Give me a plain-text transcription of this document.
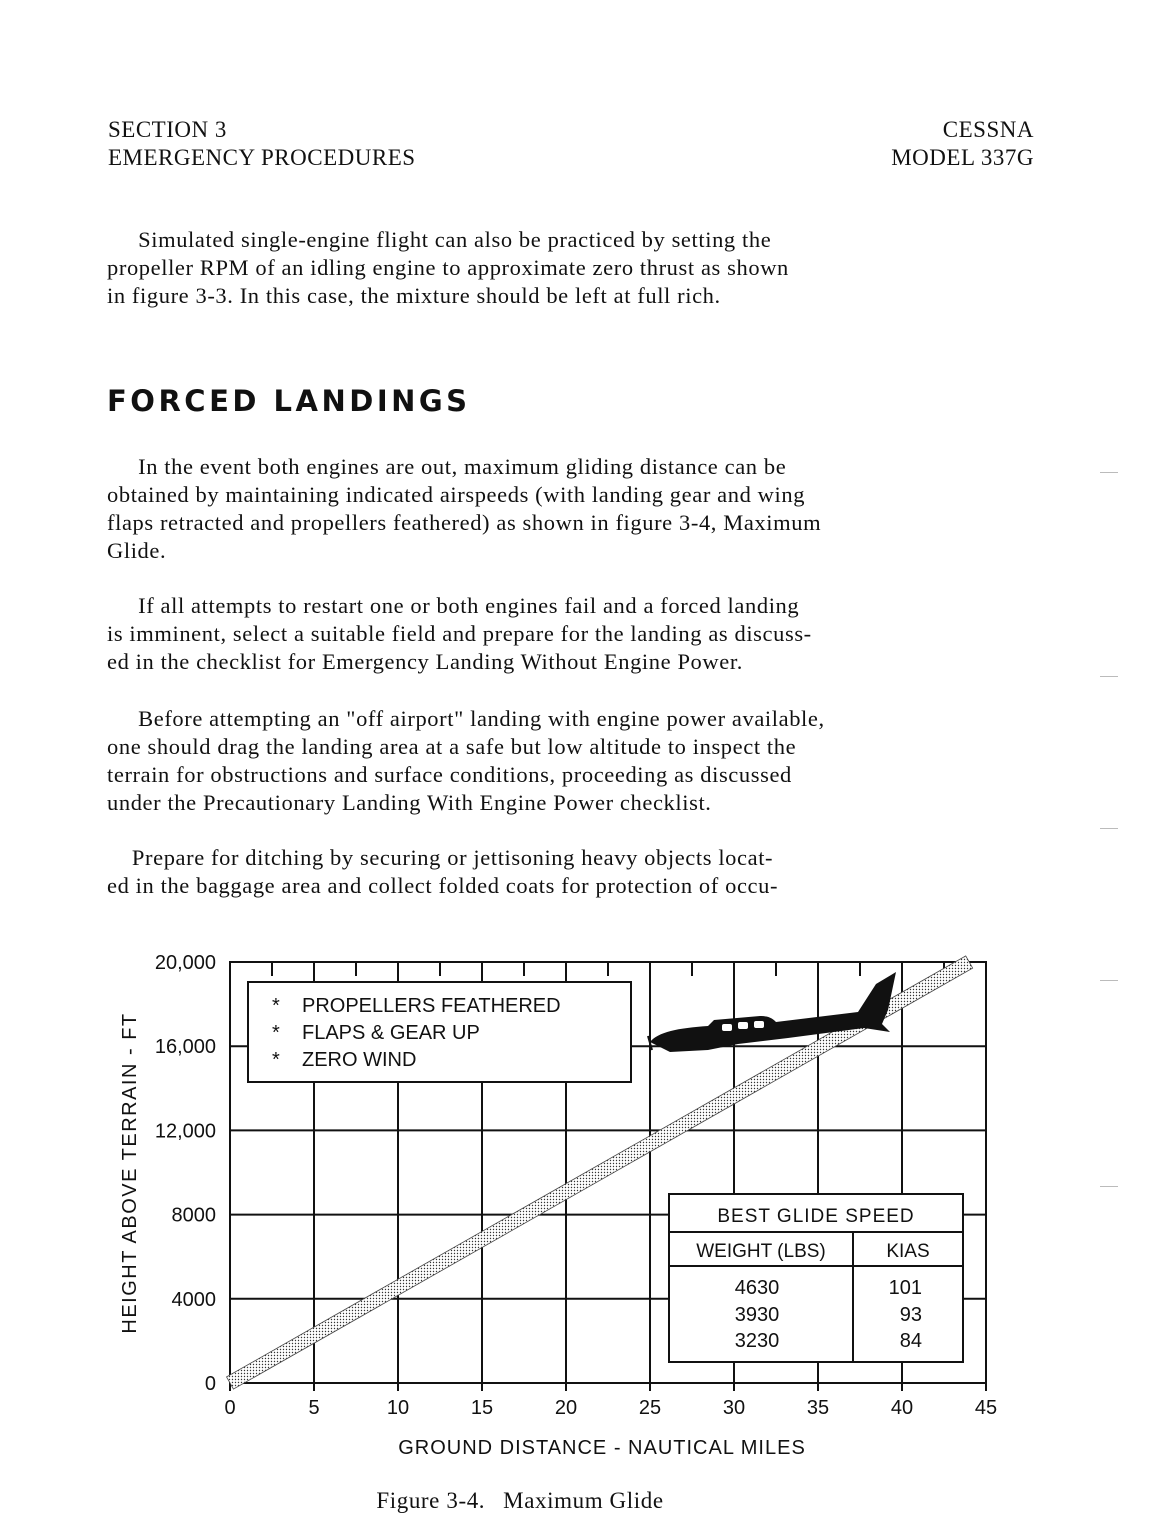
SECTION 3
EMERGENCY PROCEDURES
CESSNA
MODEL 337G

Simulated single-engine flight can also be practiced by setting the
propeller RPM of an idling engine to approximate zero thrust as shown
in figure 3-3. In this case, the mixture should be left at full rich.

FORCED LANDINGS

In the event both engines are out, maximum gliding distance can be
obtained by maintaining indicated airspeeds (with landing gear and wing
flaps retracted and propellers feathered) as shown in figure 3-4, Maximum
Glide.

If all attempts to restart one or both engines fail and a forced landing
is imminent, select a suitable field and prepare for the landing as discuss-
ed in the checklist for Emergency Landing Without Engine Power.

Before attempting an "off airport" landing with engine power available,
one should drag the landing area at a safe but low altitude to inspect the
terrain for obstructions and surface conditions, proceeding as discussed
under the Precautionary Landing With Engine Power checklist.

Prepare for ditching by securing or jettisoning heavy objects locat-
ed in the baggage area and collect folded coats for protection of occu-

0	5	10	15	20	25	30	35	40	45
0
4000
8000
12,000
16,000
20,000
* PROPELLERS FEATHERED
* FLAPS & GEAR UP
* ZERO WIND
BEST GLIDE SPEED
WEIGHT (LBS)	KIAS
4630	101
3930	93
3230	84
GROUND DISTANCE - NAUTICAL MILES
HEIGHT ABOVE TERRAIN - FT
Figure 3-4. Maximum Glide
